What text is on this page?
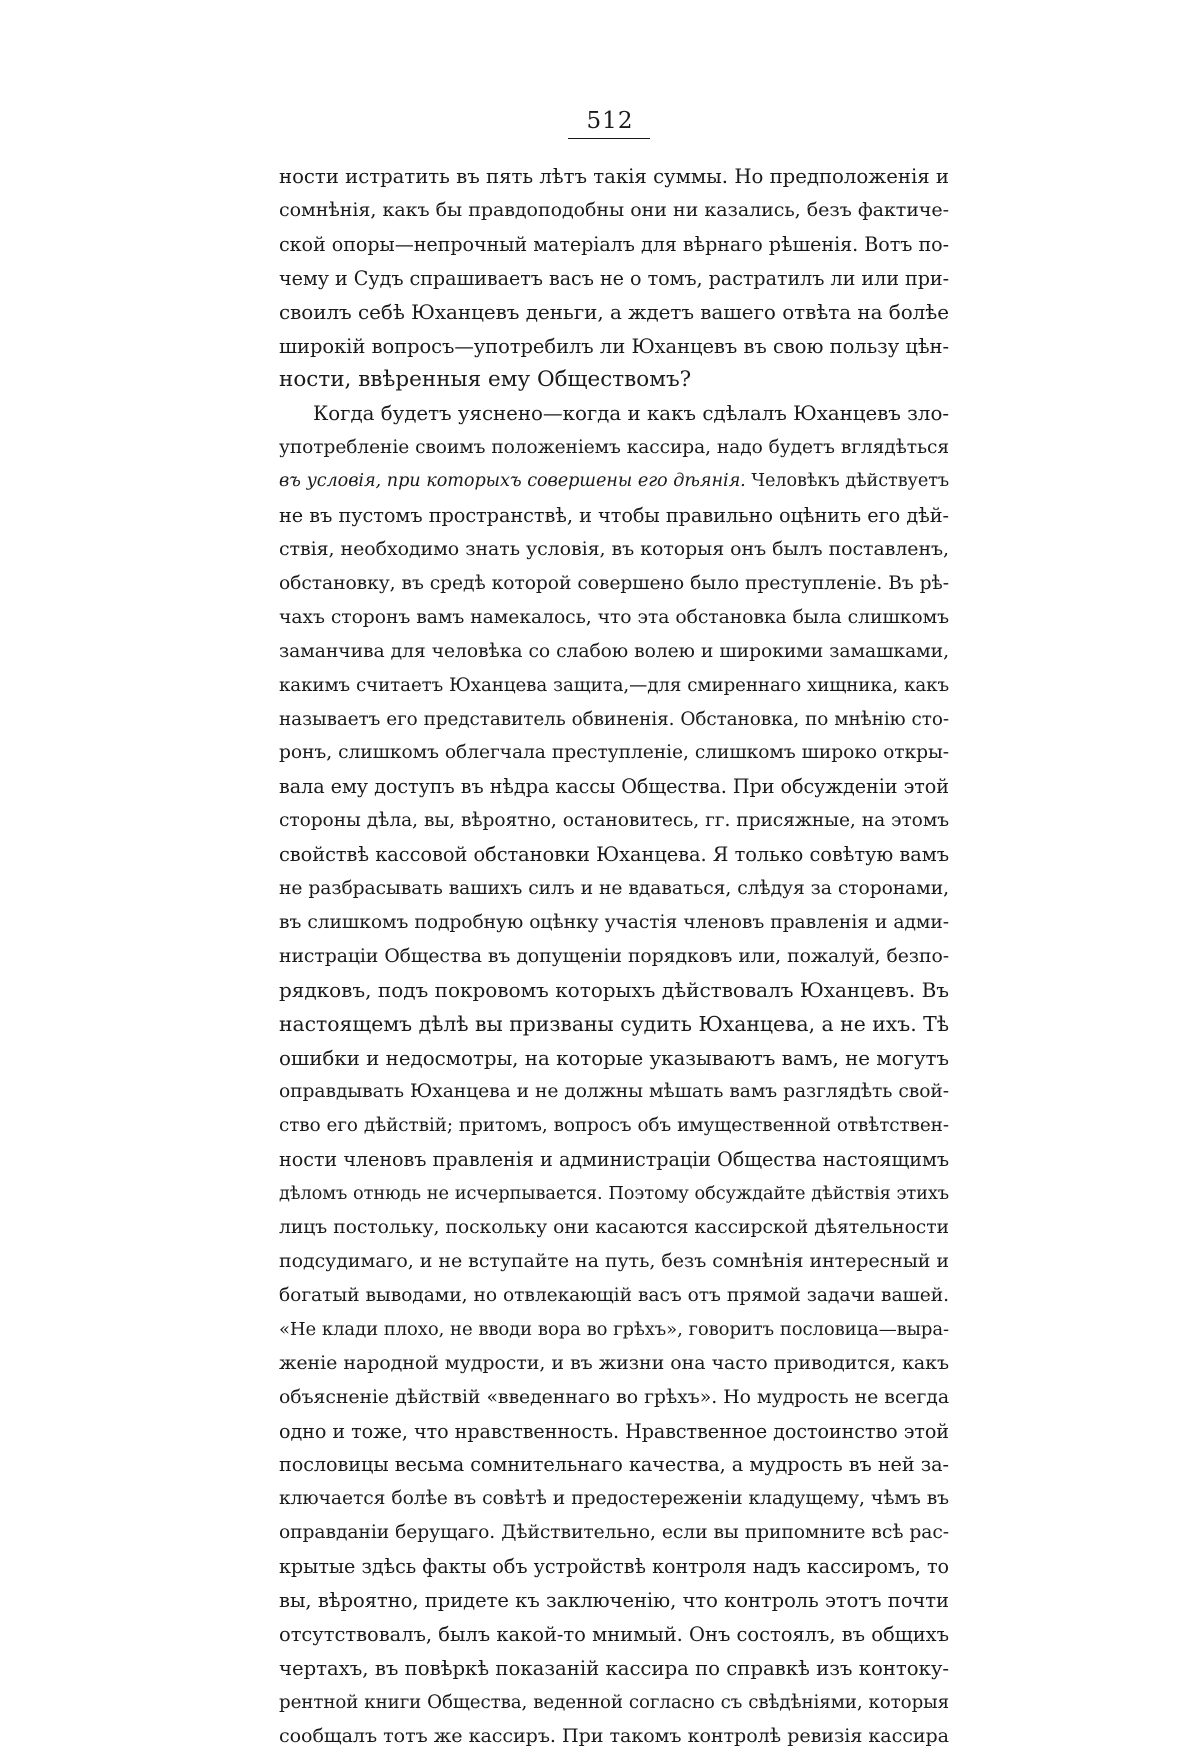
512
ности истратить въ пять лѣтъ такія суммы. Но предположенія и
сомнѣнія, какъ бы правдоподобны они ни казались, безъ фактиче-
ской опоры—непрочный матеріалъ для вѣрнаго рѣшенія. Вотъ по-
чему и Судъ спрашиваетъ васъ не о томъ, растратилъ ли или при-
своилъ себѣ Юханцевъ деньги, а ждетъ вашего отвѣта на болѣе
широкій вопросъ—употребилъ ли Юханцевъ въ свою пользу цѣн-
ности, ввѣренныя ему Обществомъ?
Когда будетъ уяснено—когда и какъ сдѣлалъ Юханцевъ зло-
употребленіе своимъ положеніемъ кассира, надо будетъ вглядѣться
въ условія, при которыхъ совершены его дѣянія. Человѣкъ дѣйствуетъ
не въ пустомъ пространствѣ, и чтобы правильно оцѣнить его дѣй-
ствія, необходимо знать условія, въ которыя онъ былъ поставленъ,
обстановку, въ средѣ которой совершено было преступленіе. Въ рѣ-
чахъ сторонъ вамъ намекалось, что эта обстановка была слишкомъ
заманчива для человѣка со слабою волею и широкими замашками,
какимъ считаетъ Юханцева защита,—для смиреннаго хищника, какъ
называетъ его представитель обвиненія. Обстановка, по мнѣнію сто-
ронъ, слишкомъ облегчала преступленіе, слишкомъ широко откры-
вала ему доступъ въ нѣдра кассы Общества. При обсужденіи этой
стороны дѣла, вы, вѣроятно, остановитесь, гг. присяжные, на этомъ
свойствѣ кассовой обстановки Юханцева. Я только совѣтую вамъ
не разбрасывать вашихъ силъ и не вдаваться, слѣдуя за сторонами,
въ слишкомъ подробную оцѣнку участія членовъ правленія и адми-
нистраціи Общества въ допущеніи порядковъ или, пожалуй, безпо-
рядковъ, подъ покровомъ которыхъ дѣйствовалъ Юханцевъ. Въ
настоящемъ дѣлѣ вы призваны судить Юханцева, а не ихъ. Тѣ
ошибки и недосмотры, на которые указываютъ вамъ, не могутъ
оправдывать Юханцева и не должны мѣшать вамъ разглядѣть свой-
ство его дѣйствій; притомъ, вопросъ объ имущественной отвѣтствен-
ности членовъ правленія и администраціи Общества настоящимъ
дѣломъ отнюдь не исчерпывается. Поэтому обсуждайте дѣйствія этихъ
лицъ постольку, поскольку они касаются кассирской дѣятельности
подсудимаго, и не вступайте на путь, безъ сомнѣнія интересный и
богатый выводами, но отвлекающій васъ отъ прямой задачи вашей.
«Не клади плохо, не вводи вора во грѣхъ», говоритъ пословица—выра-
женіе народной мудрости, и въ жизни она часто приводится, какъ
объясненіе дѣйствій «введеннаго во грѣхъ». Но мудрость не всегда
одно и тоже, что нравственность. Нравственное достоинство этой
пословицы весьма сомнительнаго качества, а мудрость въ ней за-
ключается болѣе въ совѣтѣ и предостереженіи кладущему, чѣмъ въ
оправданіи берущаго. Дѣйствительно, если вы припомните всѣ рас-
крытые здѣсь факты объ устройствѣ контроля надъ кассиромъ, то
вы, вѣроятно, придете къ заключенію, что контроль этотъ почти
отсутствовалъ, былъ какой-то мнимый. Онъ состоялъ, въ общихъ
чертахъ, въ повѣркѣ показаній кассира по справкѣ изъ контоку-
рентной книги Общества, веденной согласно съ свѣдѣніями, которыя
сообщалъ тотъ же кассиръ. При такомъ контролѣ ревизія кассира
